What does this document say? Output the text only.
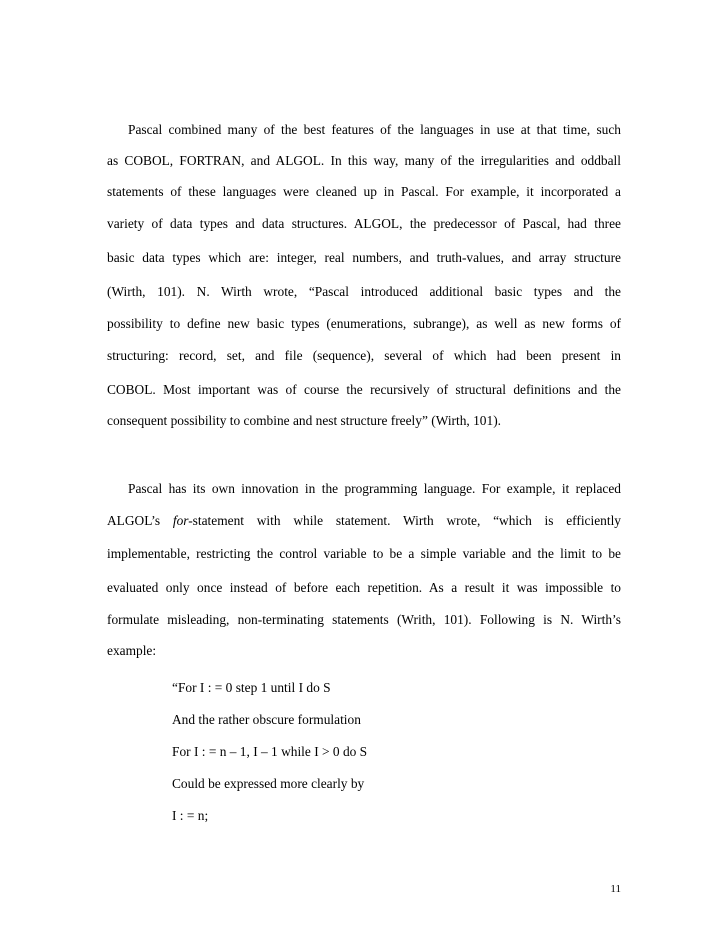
Pascal combined many of the best features of the languages in use at that time, such
as COBOL, FORTRAN, and ALGOL. In this way, many of the irregularities and oddball
statements of these languages were cleaned up in Pascal. For example, it incorporated a
variety of data types and data structures. ALGOL, the predecessor of Pascal, had three
basic data types which are: integer, real numbers, and truth-values, and array structure
(Wirth, 101). N. Wirth wrote, “Pascal introduced additional basic types and the
possibility to define new basic types (enumerations, subrange), as well as new forms of
structuring: record, set, and file (sequence), several of which had been present in
COBOL. Most important was of course the recursively of structural definitions and the
consequent possibility to combine and nest structure freely” (Wirth, 101).
Pascal has its own innovation in the programming language. For example, it replaced
ALGOL’s for-statement with while statement. Wirth wrote, “which is efficiently
implementable, restricting the control variable to be a simple variable and the limit to be
evaluated only once instead of before each repetition. As a result it was impossible to
formulate misleading, non-terminating statements (Writh, 101). Following is N. Wirth’s
example:
“For I : = 0 step 1 until I do S
And the rather obscure formulation
For I : = n – 1, I – 1 while I > 0 do S
Could be expressed more clearly by
I : = n;
11
